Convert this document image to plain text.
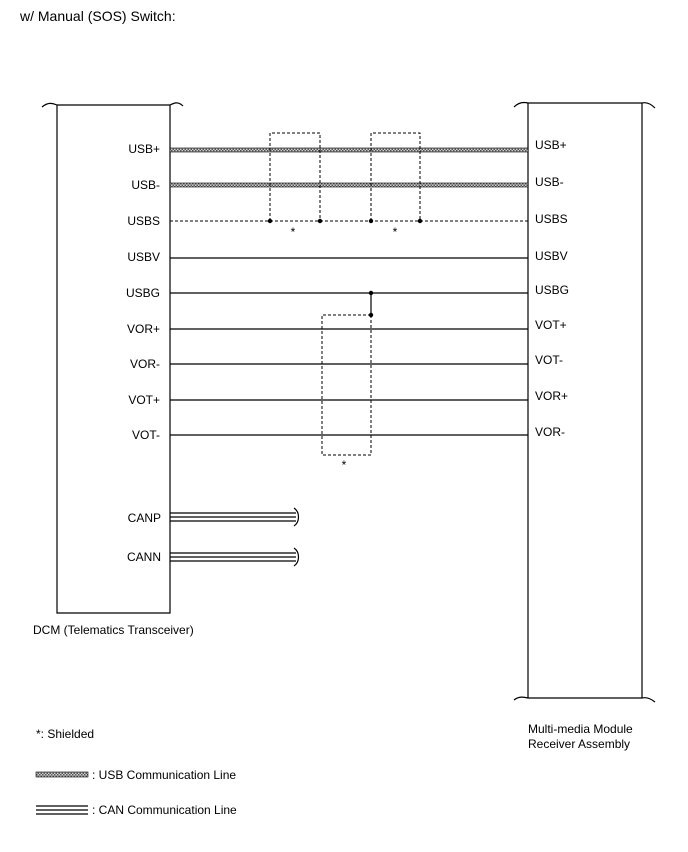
w/ Manual (SOS) Switch:
DCM (Telematics Transceiver)
Multi-media Module
Receiver Assembly
USB+
USB-
USBS
USBV
USBG
VOR+
VOR-
VOT+
VOT-
CANP
CANN
USB+
USB-
USBS
USBV
USBG
VOT+
VOT-
VOR+
VOR-
*	*
*
*: Shielded
: USB Communication Line
: CAN Communication Line
